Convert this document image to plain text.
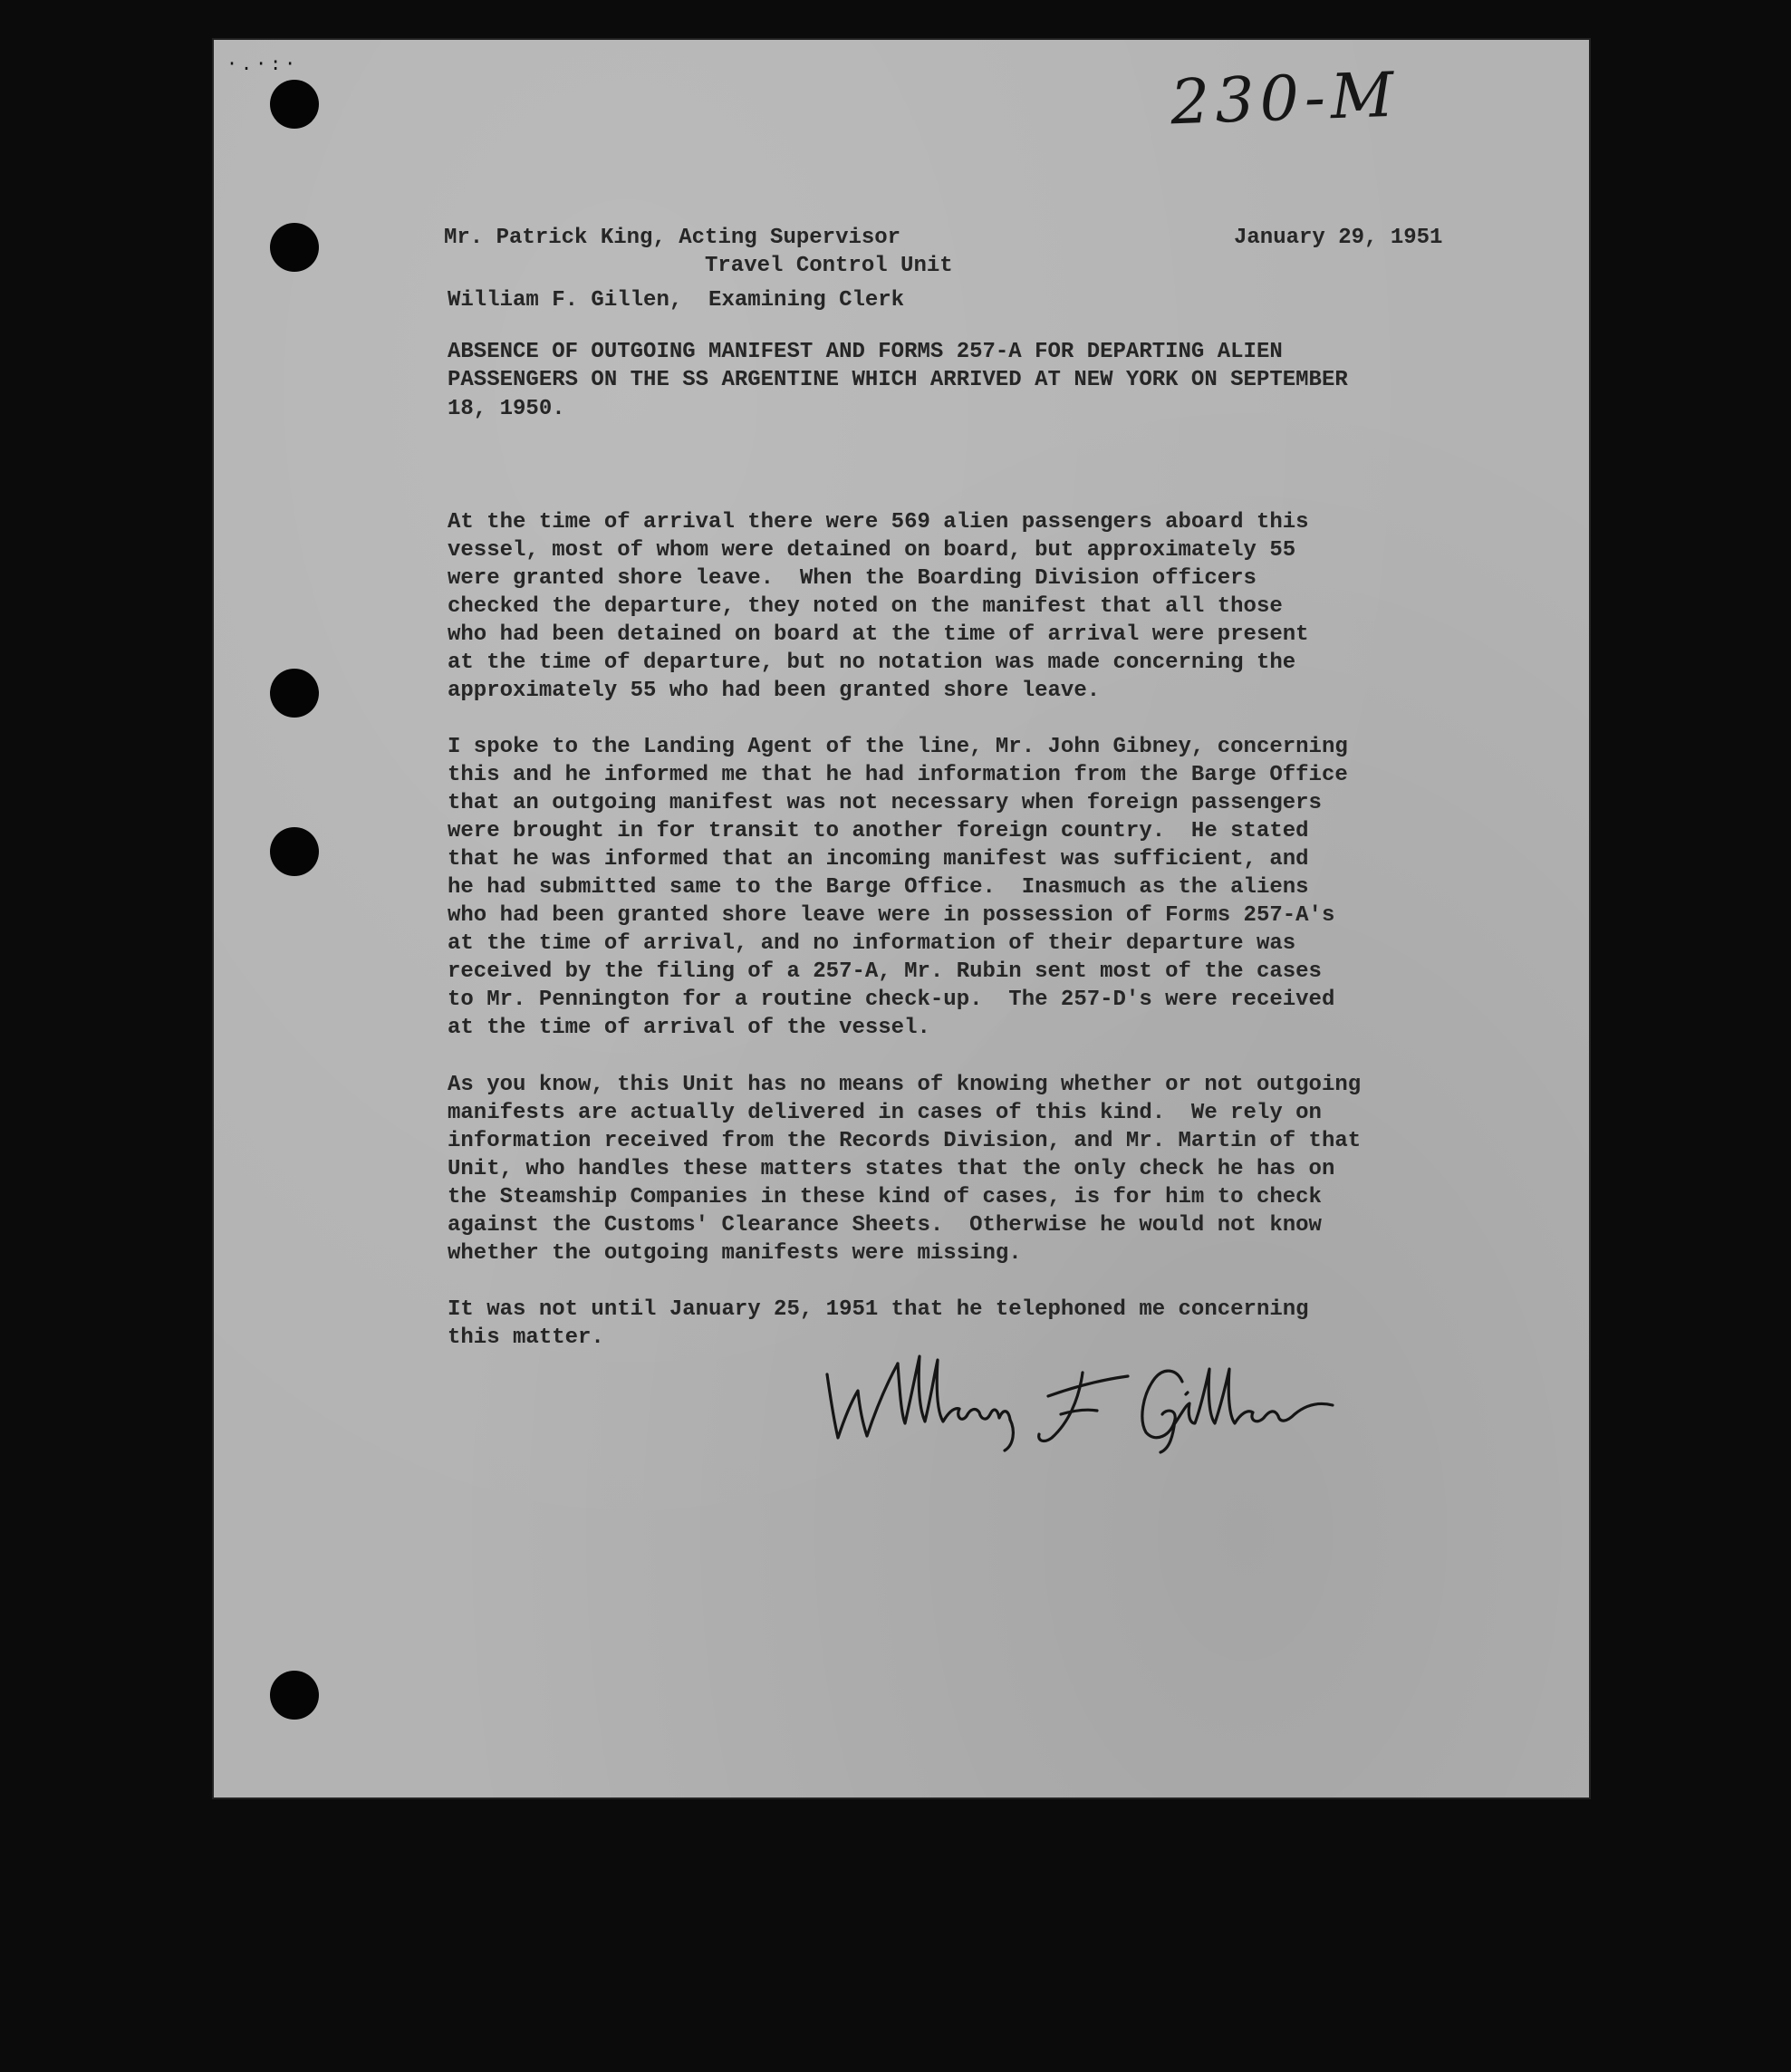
·.·:·	230-M
January 29, 1951
Mr. Patrick King, Acting Supervisor
Travel Control Unit
William F. Gillen,  Examining Clerk
ABSENCE OF OUTGOING MANIFEST AND FORMS 257-A FOR DEPARTING ALIEN
PASSENGERS ON THE SS ARGENTINE WHICH ARRIVED AT NEW YORK ON SEPTEMBER
18, 1950.

At the time of arrival there were 569 alien passengers aboard this
vessel, most of whom were detained on board, but approximately 55
were granted shore leave.  When the Boarding Division officers
checked the departure, they noted on the manifest that all those
who had been detained on board at the time of arrival were present
at the time of departure, but no notation was made concerning the
approximately 55 who had been granted shore leave.

I spoke to the Landing Agent of the line, Mr. John Gibney, concerning
this and he informed me that he had information from the Barge Office
that an outgoing manifest was not necessary when foreign passengers
were brought in for transit to another foreign country.  He stated
that he was informed that an incoming manifest was sufficient, and
he had submitted same to the Barge Office.  Inasmuch as the aliens
who had been granted shore leave were in possession of Forms 257-A's
at the time of arrival, and no information of their departure was
received by the filing of a 257-A, Mr. Rubin sent most of the cases
to Mr. Pennington for a routine check-up.  The 257-D's were received
at the time of arrival of the vessel.

As you know, this Unit has no means of knowing whether or not outgoing
manifests are actually delivered in cases of this kind.  We rely on
information received from the Records Division, and Mr. Martin of that
Unit, who handles these matters states that the only check he has on
the Steamship Companies in these kind of cases, is for him to check
against the Customs' Clearance Sheets.  Otherwise he would not know
whether the outgoing manifests were missing.

It was not until January 25, 1951 that he telephoned me concerning
this matter.
